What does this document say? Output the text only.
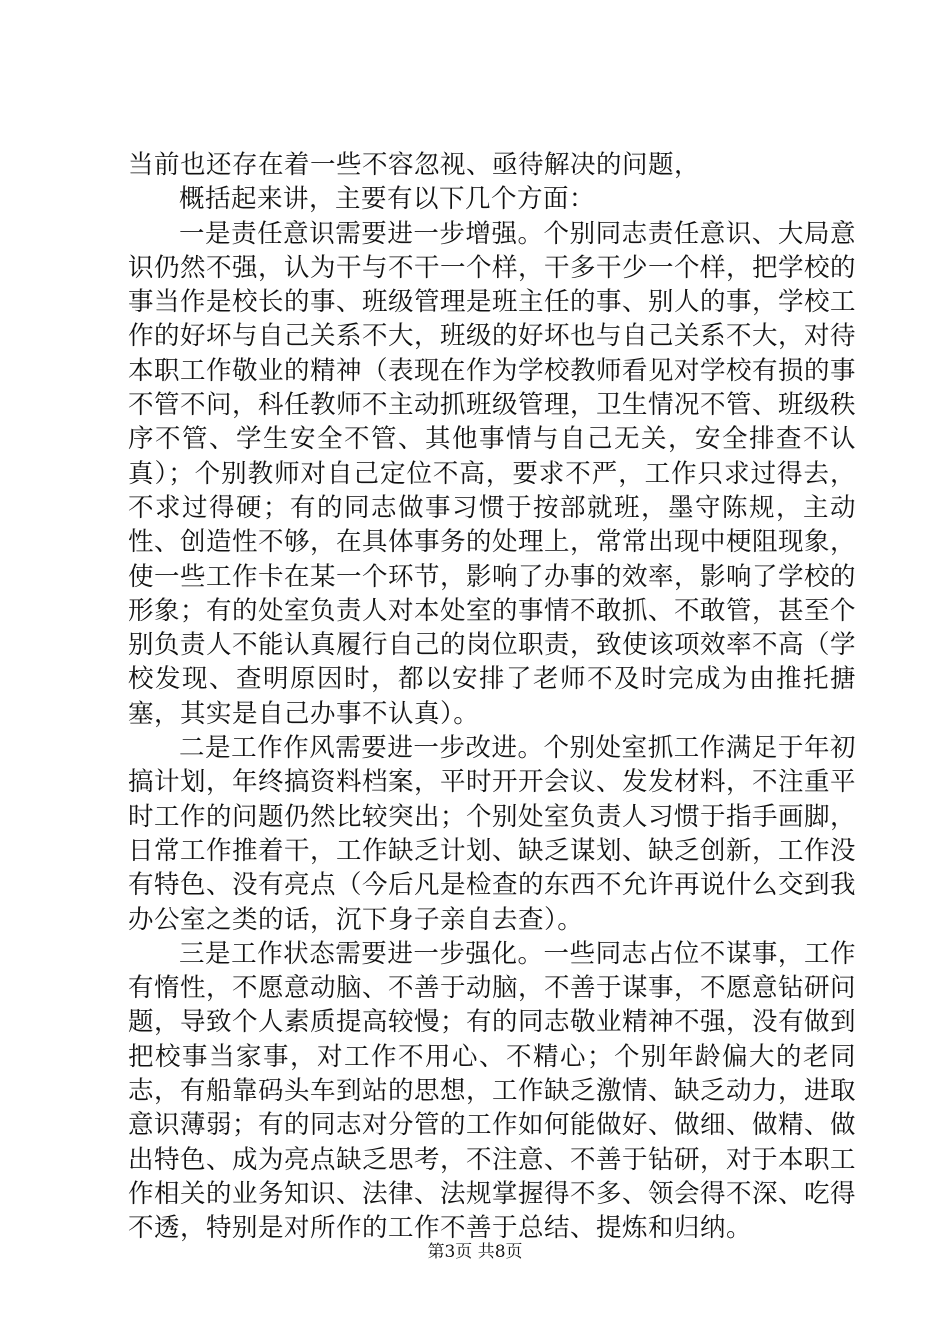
当前也还存在着一些不容忽视、亟待解决的问题，

概括起来讲，主要有以下几个方面：

一是责任意识需要进一步增强。个别同志责任意识、大局意识仍然不强，认为干与不干一个样，干多干少一个样，把学校的事当作是校长的事、班级管理是班主任的事、别人的事，学校工作的好坏与自己关系不大，班级的好坏也与自己关系不大，对待本职工作敬业的精神（表现在作为学校教师看见对学校有损的事不管不问，科任教师不主动抓班级管理，卫生情况不管、班级秩序不管、学生安全不管、其他事情与自己无关，安全排查不认真）；个别教师对自己定位不高，要求不严，工作只求过得去，不求过得硬；有的同志做事习惯于按部就班，墨守陈规，主动性、创造性不够，在具体事务的处理上，常常出现中梗阻现象，使一些工作卡在某一个环节，影响了办事的效率，影响了学校的形象；有的处室负责人对本处室的事情不敢抓、不敢管，甚至个别负责人不能认真履行自己的岗位职责，致使该项效率不高（学校发现、查明原因时，都以安排了老师不及时完成为由推托搪塞，其实是自己办事不认真）。

二是工作作风需要进一步改进。个别处室抓工作满足于年初搞计划，年终搞资料档案，平时开开会议、发发材料，不注重平时工作的问题仍然比较突出；个别处室负责人习惯于指手画脚，日常工作推着干，工作缺乏计划、缺乏谋划、缺乏创新，工作没有特色、没有亮点（今后凡是检查的东西不允许再说什么交到我办公室之类的话，沉下身子亲自去查）。

三是工作状态需要进一步强化。一些同志占位不谋事，工作有惰性，不愿意动脑、不善于动脑，不善于谋事，不愿意钻研问题，导致个人素质提高较慢；有的同志敬业精神不强，没有做到把校事当家事，对工作不用心、不精心；个别年龄偏大的老同志，有船靠码头车到站的思想，工作缺乏激情、缺乏动力，进取意识薄弱；有的同志对分管的工作如何能做好、做细、做精、做出特色、成为亮点缺乏思考，不注意、不善于钻研，对于本职工作相关的业务知识、法律、法规掌握得不多、领会得不深、吃得不透，特别是对所作的工作不善于总结、提炼和归纳。

第3页 共8页
